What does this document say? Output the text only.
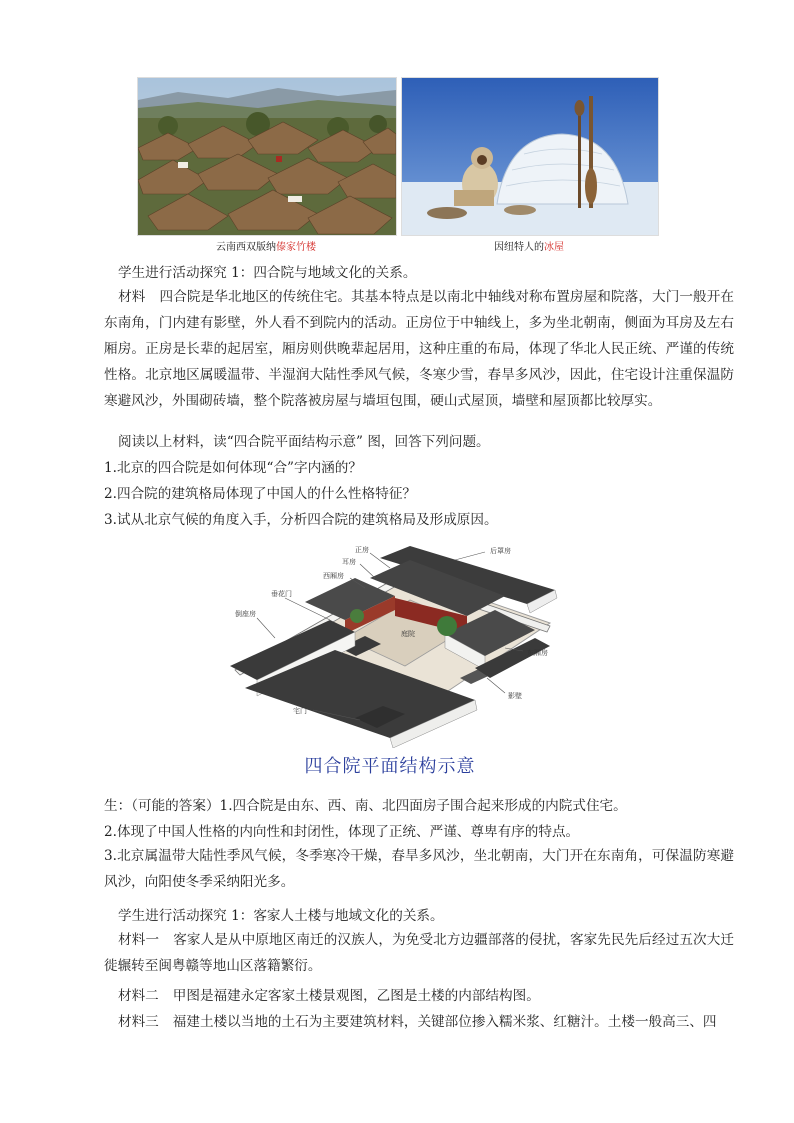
云南西双版纳傣家竹楼	因纽特人的冰屋
学生进行活动探究 1：四合院与地域文化的关系。
材料 四合院是华北地区的传统住宅。其基本特点是以南北中轴线对称布置房屋和院落，大门一般开在东南角，门内建有影壁，外人看不到院内的活动。正房位于中轴线上，多为坐北朝南，侧面为耳房及左右厢房。正房是长辈的起居室，厢房则供晚辈起居用，这种庄重的布局，体现了华北人民正统、严谨的传统性格。北京地区属暖温带、半湿润大陆性季风气候，冬寒少雪，春旱多风沙，因此，住宅设计注重保温防寒避风沙，外围砌砖墙，整个院落被房屋与墙垣包围，硬山式屋顶，墙壁和屋顶都比较厚实。
阅读以上材料，读“四合院平面结构示意” 图，回答下列问题。
1.北京的四合院是如何体现“合”字内涵的？
2.四合院的建筑格局体现了中国人的什么性格特征？
3.试从北京气候的角度入手，分析四合院的建筑格局及形成原因。
正房	后罩房
耳房
西厢房
垂花门
倒座房
庭院
东厢房
影壁
宅门
四合院平面结构示意
生：（可能的答案）1.四合院是由东、西、南、北四面房子围合起来形成的内院式住宅。
2.体现了中国人性格的内向性和封闭性，体现了正统、严谨、尊卑有序的特点。
3.北京属温带大陆性季风气候，冬季寒冷干燥，春旱多风沙，坐北朝南，大门开在东南角，可保温防寒避风沙，向阳使冬季采纳阳光多。
学生进行活动探究 1：客家人土楼与地域文化的关系。
材料一 客家人是从中原地区南迁的汉族人，为免受北方边疆部落的侵扰，客家先民先后经过五次大迁徙辗转至闽粤赣等地山区落籍繁衍。
材料二 甲图是福建永定客家土楼景观图，乙图是土楼的内部结构图。
材料三 福建土楼以当地的土石为主要建筑材料，关键部位掺入糯米浆、红糖汁。土楼一般高三、四
